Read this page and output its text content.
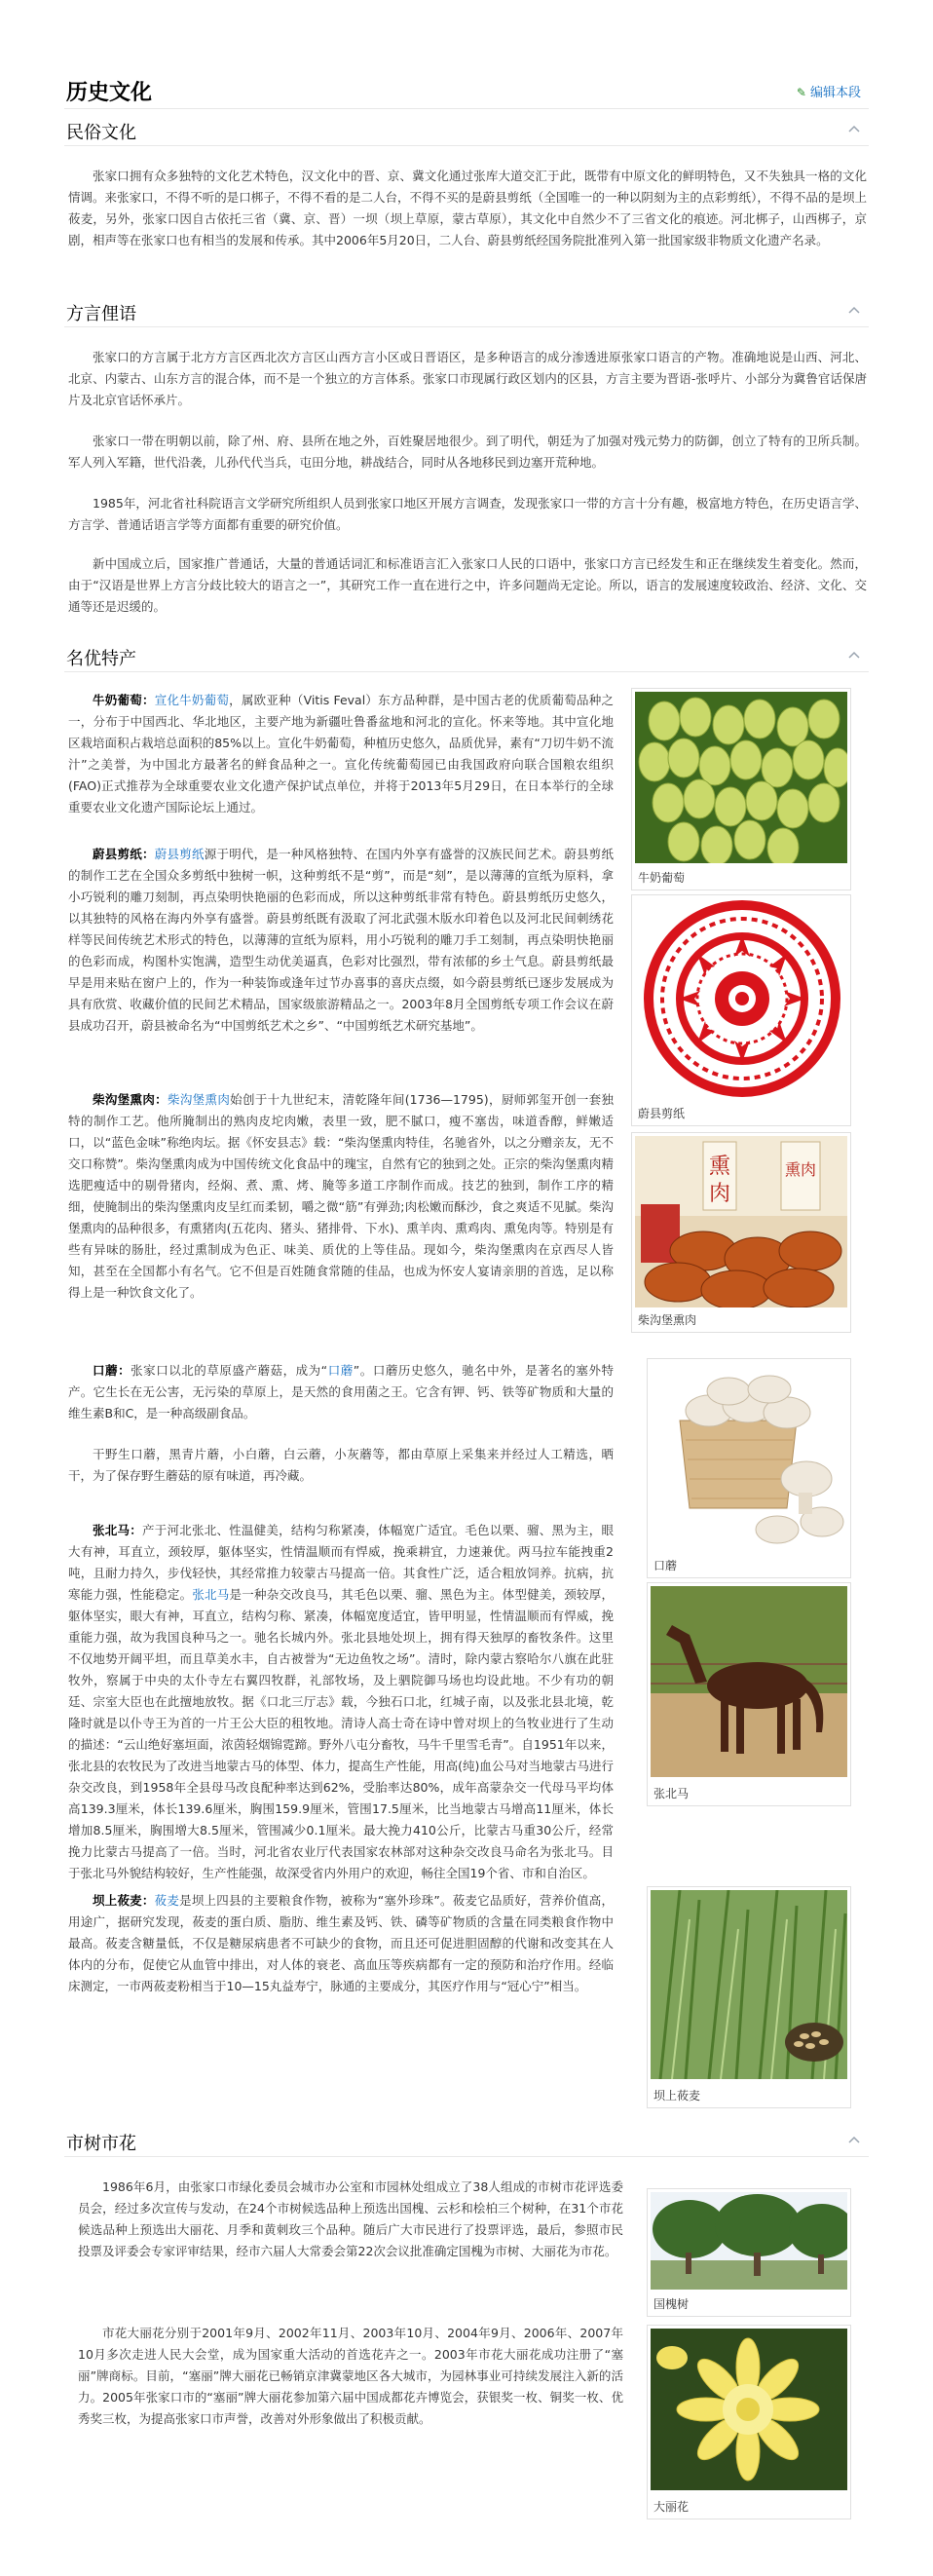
历史文化	✎ 编辑本段
民俗文化

张家口拥有众多独特的文化艺术特色，汉文化中的晋、京、冀文化通过张库大道交汇于此，既带有中原文化的鲜明特色，又不失独具一格的文化情调。来张家口，不得不听的是口梆子，不得不看的是二人台，不得不买的是蔚县剪纸（全国唯一的一种以阴刻为主的点彩剪纸），不得不品的是坝上莜麦，另外，张家口因自古依托三省（冀、京、晋）一坝（坝上草原，蒙古草原），其文化中自然少不了三省文化的痕迹。河北梆子，山西梆子，京剧，相声等在张家口也有相当的发展和传承。其中2006年5月20日，二人台、蔚县剪纸经国务院批准列入第一批国家级非物质文化遗产名录。

方言俚语

张家口的方言属于北方方言区西北次方言区山西方言小区或日晋语区，是多种语言的成分渗透进原张家口语言的产物。准确地说是山西、河北、北京、内蒙古、山东方言的混合体，而不是一个独立的方言体系。张家口市现属行政区划内的区县，方言主要为晋语-张呼片、小部分为冀鲁官话保唐片及北京官话怀承片。

张家口一带在明朝以前，除了州、府、县所在地之外，百姓聚居地很少。到了明代，朝廷为了加强对残元势力的防御，创立了特有的卫所兵制。军人列入军籍，世代沿袭，儿孙代代当兵，屯田分地，耕战结合，同时从各地移民到边塞开荒种地。

1985年，河北省社科院语言文学研究所组织人员到张家口地区开展方言调查，发现张家口一带的方言十分有趣，极富地方特色，在历史语言学、方言学、普通话语言学等方面都有重要的研究价值。

新中国成立后，国家推广普通话，大量的普通话词汇和标准语言汇入张家口人民的口语中，张家口方言已经发生和正在继续发生着变化。然而，由于“汉语是世界上方言分歧比较大的语言之一”，其研究工作一直在进行之中，许多问题尚无定论。所以，语言的发展速度较政治、经济、文化、交通等还是迟缓的。

名优特产

牛奶葡萄：宣化牛奶葡萄，属欧亚种（Vitis Feval）东方品种群，是中国古老的优质葡萄品种之一，分布于中国西北、华北地区，主要产地为新疆吐鲁番盆地和河北的宣化。怀来等地。其中宣化地区栽培面积占栽培总面积的85%以上。宣化牛奶葡萄，种植历史悠久，品质优异，素有“刀切牛奶不流汁”之美誉，为中国北方最著名的鲜食品种之一。宣化传统葡萄园已由我国政府向联合国粮农组织(FAO)正式推荐为全球重要农业文化遗产保护试点单位，并将于2013年5月29日，在日本举行的全球重要农业文化遗产国际论坛上通过。

牛奶葡萄

蔚县剪纸：蔚县剪纸源于明代，是一种风格独特、在国内外享有盛誉的汉族民间艺术。蔚县剪纸的制作工艺在全国众多剪纸中独树一帜，这种剪纸不是“剪”，而是“刻”，是以薄薄的宣纸为原料，拿小巧锐利的雕刀刻制，再点染明快艳丽的色彩而成，所以这种剪纸非常有特色。蔚县剪纸历史悠久，以其独特的风格在海内外享有盛誉。蔚县剪纸既有汲取了河北武强木版水印着色以及河北民间刺绣花样等民间传统艺术形式的特色，以薄薄的宣纸为原料，用小巧锐利的雕刀手工刻制，再点染明快艳丽的色彩而成，构图朴实饱满，造型生动优美逼真，色彩对比强烈，带有浓郁的乡土气息。蔚县剪纸最早是用来贴在窗户上的，作为一种装饰或逢年过节办喜事的喜庆点缀，如今蔚县剪纸已逐步发展成为具有欣赏、收藏价值的民间艺术精品，国家级旅游精品之一。2003年8月全国剪纸专项工作会议在蔚县成功召开，蔚县被命名为“中国剪纸艺术之乡”、“中国剪纸艺术研究基地”。

蔚县剪纸

柴沟堡熏肉：柴沟堡熏肉始创于十九世纪末，清乾隆年间(1736—1795)，厨师郭玺开创一套独特的制作工艺。他所腌制出的熟肉皮坨肉嫩，表里一致，肥不腻口，瘦不塞齿，味道香醇，鲜嫩适口，以“蓝色金味”称绝肉坛。据《怀安县志》载：“柴沟堡熏肉特佳，名驰省外，以之分赠亲友，无不交口称赞”。柴沟堡熏肉成为中国传统文化食品中的瑰宝，自然有它的独到之处。正宗的柴沟堡熏肉精选肥瘦适中的剔骨猪肉，经焖、煮、熏、烤、腌等多道工序制作而成。技艺的独到，制作工序的精细，使腌制出的柴沟堡熏肉皮呈红而柔韧，嚼之微“筋”有弹劲;肉松嫩而酥沙，食之爽适不见腻。柴沟堡熏肉的品种很多，有熏猪肉(五花肉、猪头、猪排骨、下水)、熏羊肉、熏鸡肉、熏兔肉等。特别是有些有异味的肠肚，经过熏制成为色正、味美、质优的上等佳品。现如今，柴沟堡熏肉在京西尽人皆知，甚至在全国都小有名气。它不但是百姓随食常随的佳品，也成为怀安人宴请亲朋的首选，足以称得上是一种饮食文化了。

熏
肉
熏肉
柴沟堡熏肉

口蘑：张家口以北的草原盛产蘑菇，成为“口蘑”。口蘑历史悠久，驰名中外，是著名的塞外特产。它生长在无公害，无污染的草原上，是天然的食用菌之王。它含有钾、钙、铁等矿物质和大量的维生素B和C，是一种高级副食品。

干野生口蘑，黑青片蘑，小白蘑，白云蘑，小灰蘑等，都由草原上采集来并经过人工精选，晒干，为了保存野生蘑菇的原有味道，再冷藏。

口蘑

张北马：产于河北张北、性温健美，结构匀称紧凑，体幅宽广适宜。毛色以栗、骝、黑为主，眼大有神，耳直立，颈较厚，躯体坚实，性情温顺而有悍威，挽乘耕宜，力速兼优。两马拉车能拽重2吨，且耐力持久，步伐轻快，其经常推力较蒙古马提高一倍。其食性广泛，适合粗放饲养。抗病，抗寒能力强，性能稳定。张北马是一种杂交改良马，其毛色以栗、骝、黑色为主。体型健美，颈较厚，躯体坚实，眼大有神，耳直立，结构匀称、紧凑，体幅宽度适宜，皆甲明显，性情温顺而有悍威，挽重能力强，故为我国良种马之一。驰名长城内外。张北县地处坝上，拥有得天独厚的畜牧条件。这里不仅地势开阔平坦，而且草美水丰，自古被誉为“无边鱼牧之场”。清时，除内蒙古察哈尔八旗在此驻牧外，察属于中央的太仆寺左右翼四牧群，礼部牧场，及上驷院御马场也均设此地。不少有功的朝廷、宗室大臣也在此擅地放牧。据《口北三厅志》载，今独石口北，红城子南，以及张北县北境，乾隆时就是以仆寺王为首的一片王公大臣的租牧地。清诗人高士奇在诗中曾对坝上的刍牧业进行了生动的描述：“云山绝好塞垣面，浓茵轻烟锦霓蹄。野外八屯分畜牧，马牛千里雪毛青”。自1951年以来，张北县的农牧民为了改进当地蒙古马的体型、体力，提高生产性能，用高(纯)血公马对当地蒙古马进行杂交改良，到1958年全县母马改良配种率达到62%，受胎率达80%，成年高蒙杂交一代母马平均体高139.3厘米，体长139.6厘米，胸围159.9厘米，管围17.5厘米，比当地蒙古马增高11厘米，体长增加8.5厘米，胸围增大8.5厘米，管围减少0.1厘米。最大挽力410公斤，比蒙古马重30公斤，经常挽力比蒙古马提高了一倍。当时，河北省农业厅代表国家农林部对这种杂交改良马命名为张北马。目于张北马外貌结构较好，生产性能强，故深受省内外用户的欢迎，畅往全国19个省、市和自治区。

张北马

坝上莜麦：莜麦是坝上四县的主要粮食作物，被称为“塞外珍珠”。莜麦它品质好，营养价值高，用途广，据研究发现，莜麦的蛋白质、脂肪、维生素及钙、铁、磷等矿物质的含量在同类粮食作物中最高。莜麦含糖量低，不仅是糖尿病患者不可缺少的食物，而且还可促进胆固醇的代谢和改变其在人体内的分布，促使它从血管中排出，对人体的衰老、高血压等疾病都有一定的预防和治疗作用。经临床测定，一市两莜麦粉相当于10—15丸益寿宁，脉通的主要成分，其医疗作用与“冠心宁”相当。

坝上莜麦
市树市花

1986年6月，由张家口市绿化委员会城市办公室和市园林处组成立了38人组成的市树市花评选委员会，经过多次宣传与发动，在24个市树候选品种上预选出国槐、云杉和桧柏三个树种，在31个市花候选品种上预选出大丽花、月季和黄刺玫三个品种。随后广大市民进行了投票评选，最后，参照市民投票及评委会专家评审结果，经市六届人大常委会第22次会议批准确定国槐为市树、大丽花为市花。

市花大丽花分别于2001年9月、2002年11月、2003年10月、2004年9月、2006年、2007年10月多次走进人民大会堂，成为国家重大活动的首选花卉之一。2003年市花大丽花成功注册了“塞丽”牌商标。目前，“塞丽”牌大丽花已畅销京津冀蒙地区各大城市，为园林事业可持续发展注入新的活力。2005年张家口市的“塞丽”牌大丽花参加第六届中国成都花卉博览会，获银奖一枚、铜奖一枚、优秀奖三枚，为提高张家口市声誉，改善对外形象做出了积极贡献。

国槐树
大丽花
